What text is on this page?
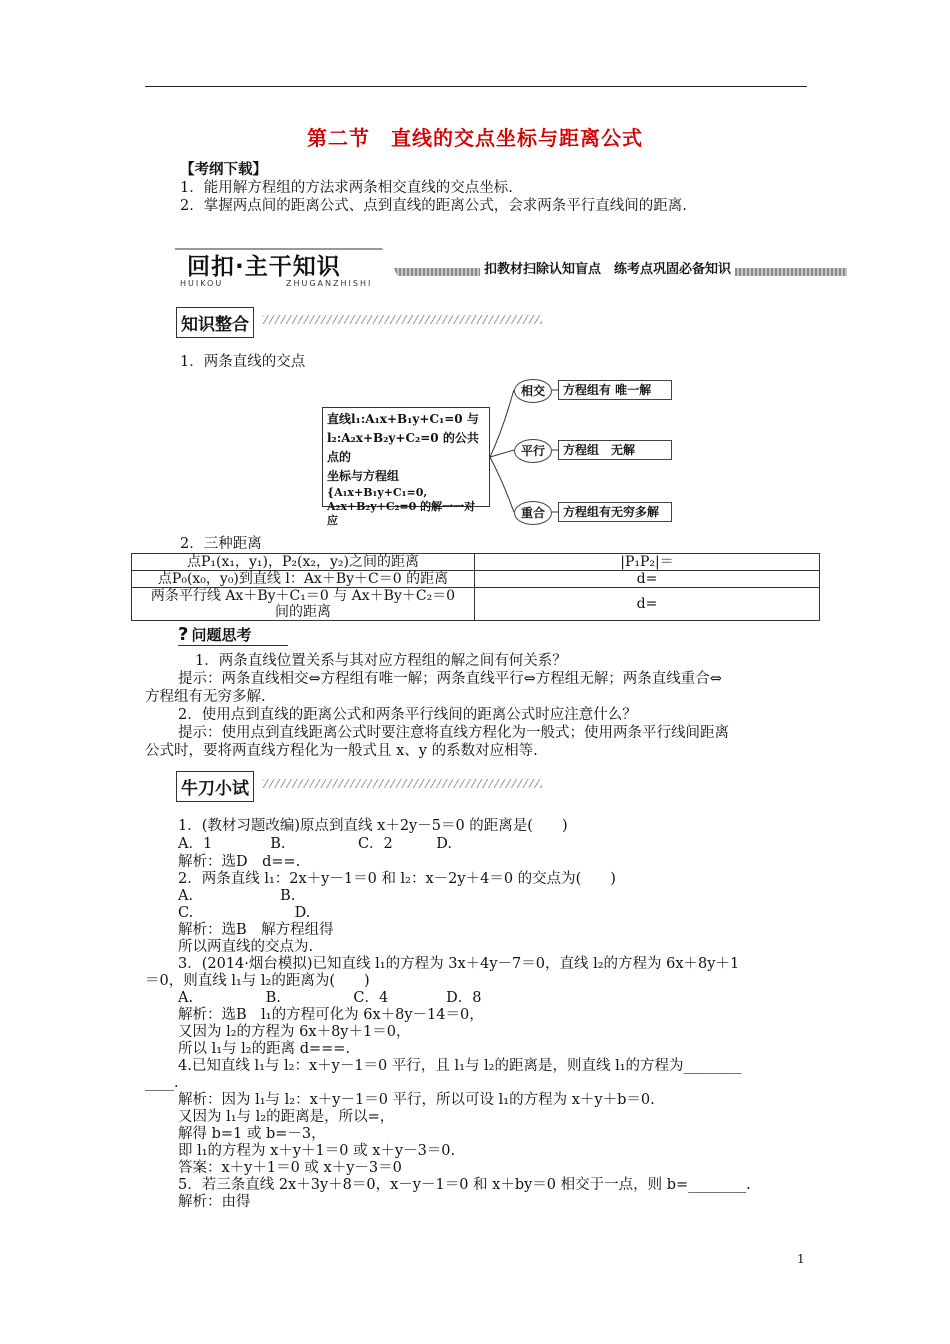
第二节　直线的交点坐标与距离公式
【考纲下载】
1．能用解方程组的方法求两条相交直线的交点坐标.
2．掌握两点间的距离公式、点到直线的距离公式，会求两条平行直线间的距离.
回扣·主干知识	扣教材扫除认知盲点　练考点巩固必备知识
HUIKOU	ZHUGANZHISHI
知识整合
1．两条直线的交点
直线l₁:A₁x+B₁y+C₁=0 与
l₂:A₂x+B₂y+C₂=0 的公共点的
坐标与方程组
{A₁x+B₁y+C₁=0,
A₂x+B₂y+C₂=0 的解一一对应
相交	方程组有 唯一解
平行	方程组　无解
重合	方程组有无穷多解
2．三种距离
点P₁(x₁，y₁)，P₂(x₂，y₂)之间的距离	|P₁P₂|＝
点P₀(x₀，y₀)到直线 l：Ax＋By＋C＝0 的距离	d=

两条平行线 Ax＋By＋C₁＝0 与 Ax＋By＋C₂＝0
间的距离	d=
?  问题思考
1．两条直线位置关系与其对应方程组的解之间有何关系？
提示：两条直线相交⇔方程组有唯一解；两条直线平行⇔方程组无解；两条直线重合⇔
方程组有无穷多解.
2．使用点到直线的距离公式和两条平行线间的距离公式时应注意什么？
提示：使用点到直线距离公式时要注意将直线方程化为一般式；使用两条平行线间距离
公式时，要将两直线方程化为一般式且 x、y 的系数对应相等.
牛刀小试
1．(教材习题改编)原点到直线 x＋2y－5＝0 的距离是(　　)
A．1　　　　B.　　　　　C．2　　　D.
解析：选D　d==.
2．两条直线 l₁：2x＋y－1＝0 和 l₂：x－2y＋4＝0 的交点为(　　)
A.　　　　　　B.
C.　　　　　　　D.
解析：选B　解方程组得
所以两直线的交点为.
3．(2014·烟台模拟)已知直线 l₁的方程为 3x＋4y－7＝0，直线 l₂的方程为 6x＋8y＋1
＝0，则直线 l₁与 l₂的距离为(　　)
A.　　　　　B.　　　　　C．4　　　　D．8
解析：选B　l₁的方程可化为 6x＋8y－14＝0，
又因为 l₂的方程为 6x＋8y＋1＝0，
所以 l₁与 l₂的距离 d===.
4.已知直线 l₁与 l₂：x＋y－1＝0 平行，且 l₁与 l₂的距离是，则直线 l₁的方程为________
____.
解析：因为 l₁与 l₂：x＋y－1＝0 平行，所以可设 l₁的方程为 x＋y＋b＝0.
又因为 l₁与 l₂的距离是，所以=，
解得 b=1 或 b=－3，
即 l₁的方程为 x＋y＋1＝0 或 x＋y－3＝0.
答案：x＋y＋1＝0 或 x＋y－3＝0
5．若三条直线 2x＋3y＋8＝0，x－y－1＝0 和 x＋by＝0 相交于一点，则 b=________.
解析：由得
1
